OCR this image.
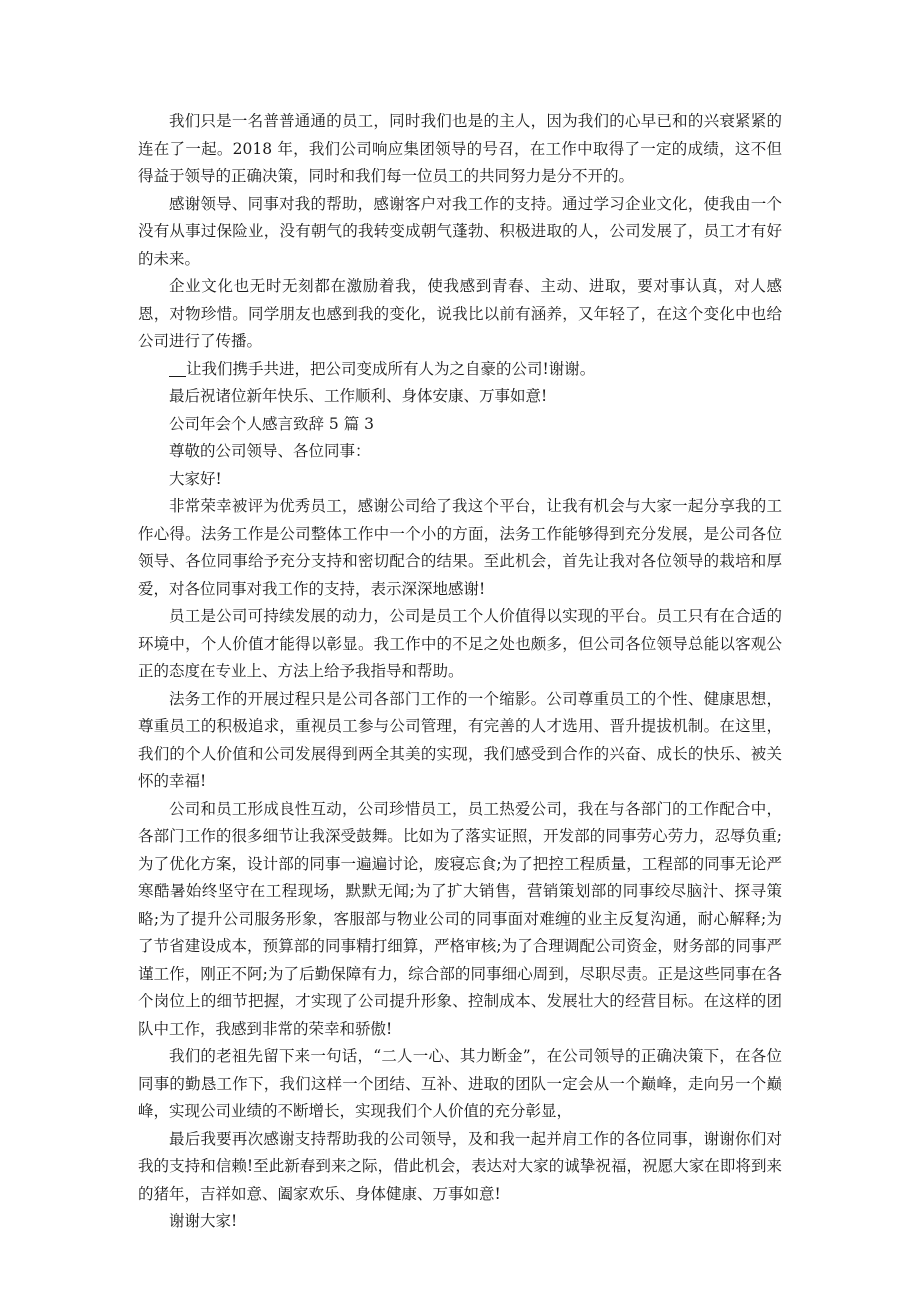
我们只是一名普普通通的员工，同时我们也是的主人，因为我们的心早已和的兴衰紧紧的连在了一起。2018 年，我们公司响应集团领导的号召，在工作中取得了一定的成绩，这不但得益于领导的正确决策，同时和我们每一位员工的共同努力是分不开的。

感谢领导、同事对我的帮助，感谢客户对我工作的支持。通过学习企业文化，使我由一个没有从事过保险业，没有朝气的我转变成朝气蓬勃、积极进取的人，公司发展了，员工才有好的未来。

企业文化也无时无刻都在激励着我，使我感到青春、主动、进取，要对事认真，对人感恩，对物珍惜。同学朋友也感到我的变化，说我比以前有涵养，又年轻了，在这个变化中也给公司进行了传播。

让我们携手共进，把公司变成所有人为之自豪的公司!谢谢。

最后祝诸位新年快乐、工作顺利、身体安康、万事如意!

公司年会个人感言致辞 5 篇 3

尊敬的公司领导、各位同事：

大家好!

非常荣幸被评为优秀员工，感谢公司给了我这个平台，让我有机会与大家一起分享我的工作心得。法务工作是公司整体工作中一个小的方面，法务工作能够得到充分发展，是公司各位领导、各位同事给予充分支持和密切配合的结果。至此机会，首先让我对各位领导的栽培和厚爱，对各位同事对我工作的支持，表示深深地感谢!

员工是公司可持续发展的动力，公司是员工个人价值得以实现的平台。员工只有在合适的环境中，个人价值才能得以彰显。我工作中的不足之处也颇多，但公司各位领导总能以客观公正的态度在专业上、方法上给予我指导和帮助。

法务工作的开展过程只是公司各部门工作的一个缩影。公司尊重员工的个性、健康思想，尊重员工的积极追求，重视员工参与公司管理，有完善的人才选用、晋升提拔机制。在这里，我们的个人价值和公司发展得到两全其美的实现，我们感受到合作的兴奋、成长的快乐、被关怀的幸福!

公司和员工形成良性互动，公司珍惜员工，员工热爱公司，我在与各部门的工作配合中，各部门工作的很多细节让我深受鼓舞。比如为了落实证照，开发部的同事劳心劳力，忍辱负重;为了优化方案，设计部的同事一遍遍讨论，废寝忘食;为了把控工程质量，工程部的同事无论严寒酷暑始终坚守在工程现场，默默无闻;为了扩大销售，营销策划部的同事绞尽脑汁、探寻策略;为了提升公司服务形象，客服部与物业公司的同事面对难缠的业主反复沟通，耐心解释;为了节省建设成本，预算部的同事精打细算，严格审核;为了合理调配公司资金，财务部的同事严谨工作，刚正不阿;为了后勤保障有力，综合部的同事细心周到，尽职尽责。正是这些同事在各个岗位上的细节把握，才实现了公司提升形象、控制成本、发展壮大的经营目标。在这样的团队中工作，我感到非常的荣幸和骄傲!

我们的老祖先留下来一句话，“二人一心、其力断金”，在公司领导的正确决策下，在各位同事的勤恳工作下，我们这样一个团结、互补、进取的团队一定会从一个巅峰，走向另一个巅峰，实现公司业绩的不断增长，实现我们个人价值的充分彰显，

最后我要再次感谢支持帮助我的公司领导，及和我一起并肩工作的各位同事，谢谢你们对我的支持和信赖!至此新春到来之际，借此机会，表达对大家的诚挚祝福，祝愿大家在即将到来的猪年，吉祥如意、阖家欢乐、身体健康、万事如意!

谢谢大家!
